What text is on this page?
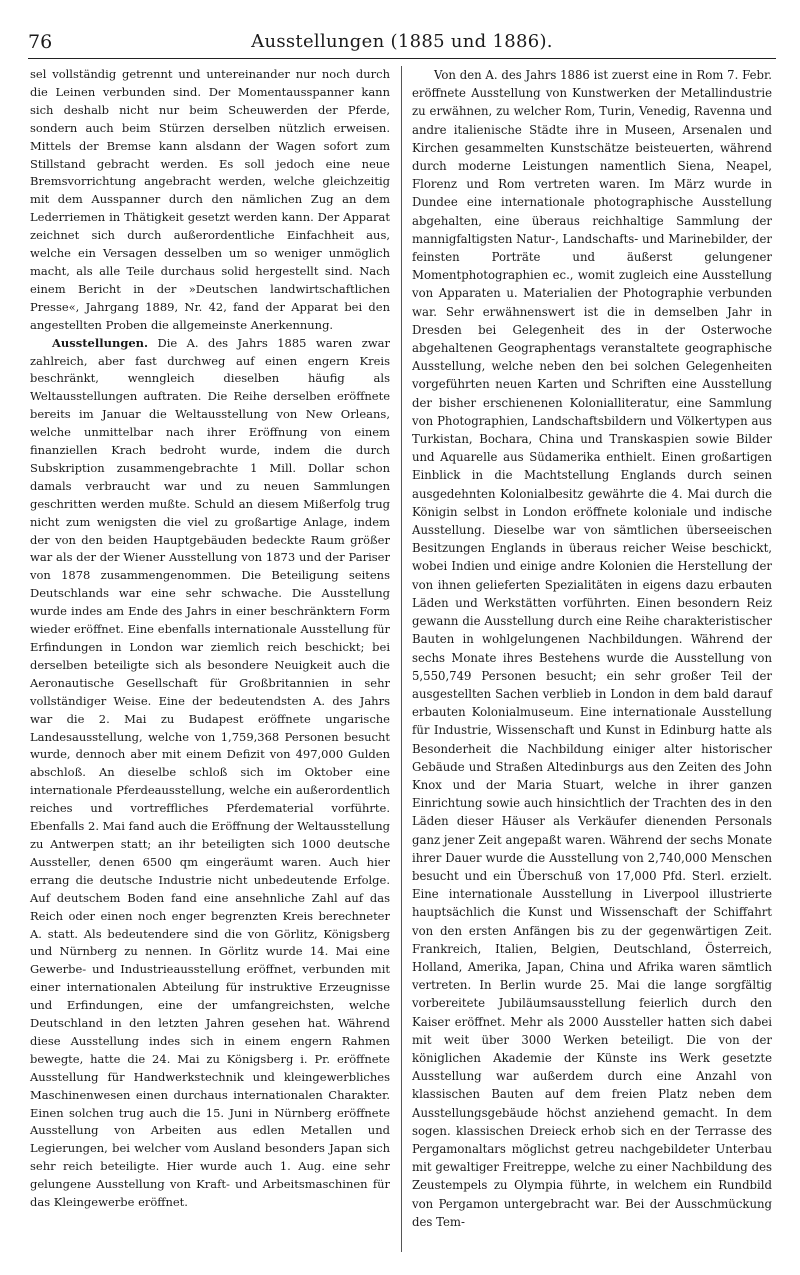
76	Ausstellungen (1885 und 1886).

sel vollständig getrennt und untereinander nur noch durch die Leinen verbunden sind. Der Momentausspanner kann sich deshalb nicht nur beim Scheuwerden der Pferde, sondern auch beim Stürzen derselben nützlich erweisen. Mittels der Bremse kann alsdann der Wagen sofort zum Stillstand gebracht werden. Es soll jedoch eine neue Bremsvorrichtung angebracht werden, welche gleichzeitig mit dem Ausspanner durch den nämlichen Zug an dem Lederriemen in Thätigkeit gesetzt werden kann. Der Apparat zeichnet sich durch außerordentliche Einfachheit aus, welche ein Versagen desselben um so weniger unmöglich macht, als alle Teile durchaus solid hergestellt sind. Nach einem Bericht in der »Deutschen landwirtschaftlichen Presse«, Jahrgang 1889, Nr. 42, fand der Apparat bei den angestellten Proben die allgemeinste Anerkennung.

Ausstellungen. Die A. des Jahrs 1885 waren zwar zahlreich, aber fast durchweg auf einen engern Kreis beschränkt, wenngleich dieselben häufig als Weltausstellungen auftraten. Die Reihe derselben eröffnete bereits im Januar die Weltausstellung von New Orleans, welche unmittelbar nach ihrer Eröffnung von einem finanziellen Krach bedroht wurde, indem die durch Subskription zusammengebrachte 1 Mill. Dollar schon damals verbraucht war und zu neuen Sammlungen geschritten werden mußte. Schuld an diesem Mißerfolg trug nicht zum wenigsten die viel zu großartige Anlage, indem der von den beiden Hauptgebäuden bedeckte Raum größer war als der der Wiener Ausstellung von 1873 und der Pariser von 1878 zusammengenommen. Die Beteiligung seitens Deutschlands war eine sehr schwache. Die Ausstellung wurde indes am Ende des Jahrs in einer beschränktern Form wieder eröffnet. Eine ebenfalls internationale Ausstellung für Erfindungen in London war ziemlich reich beschickt; bei derselben beteiligte sich als besondere Neuigkeit auch die Aeronautische Gesellschaft für Großbritannien in sehr vollständiger Weise. Eine der bedeutendsten A. des Jahrs war die 2. Mai zu Budapest eröffnete ungarische Landesausstellung, welche von 1,759,368 Personen besucht wurde, dennoch aber mit einem Defizit von 497,000 Gulden abschloß. An dieselbe schloß sich im Oktober eine internationale Pferdeausstellung, welche ein außerordentlich reiches und vortreffliches Pferdematerial vorführte. Ebenfalls 2. Mai fand auch die Eröffnung der Weltausstellung zu Antwerpen statt; an ihr beteiligten sich 1000 deutsche Aussteller, denen 6500 qm eingeräumt waren. Auch hier errang die deutsche Industrie nicht unbedeutende Erfolge. Auf deutschem Boden fand eine ansehnliche Zahl auf das Reich oder einen noch enger begrenzten Kreis berechneter A. statt. Als bedeutendere sind die von Görlitz, Königsberg und Nürnberg zu nennen. In Görlitz wurde 14. Mai eine Gewerbe- und Industrieausstellung eröffnet, verbunden mit einer internationalen Abteilung für instruktive Erzeugnisse und Erfindungen, eine der umfangreichsten, welche Deutschland in den letzten Jahren gesehen hat. Während diese Ausstellung indes sich in einem engern Rahmen bewegte, hatte die 24. Mai zu Königsberg i. Pr. eröffnete Ausstellung für Handwerkstechnik und kleingewerbliches Maschinenwesen einen durchaus internationalen Charakter. Einen solchen trug auch die 15. Juni in Nürnberg eröffnete Ausstellung von Arbeiten aus edlen Metallen und Legierungen, bei welcher vom Ausland besonders Japan sich sehr reich beteiligte. Hier wurde auch 1. Aug. eine sehr gelungene Ausstellung von Kraft- und Arbeitsmaschinen für das Kleingewerbe eröffnet.

Von den A. des Jahrs 1886 ist zuerst eine in Rom 7. Febr. eröffnete Ausstellung von Kunstwerken der Metallindustrie zu erwähnen, zu welcher Rom, Turin, Venedig, Ravenna und andre italienische Städte ihre in Museen, Arsenalen und Kirchen gesammelten Kunstschätze beisteuerten, während durch moderne Leistungen namentlich Siena, Neapel, Florenz und Rom vertreten waren. Im März wurde in Dundee eine internationale photographische Ausstellung abgehalten, eine überaus reichhaltige Sammlung der mannigfaltigsten Natur-, Landschafts- und Marinebilder, der feinsten Porträte und äußerst gelungener Momentphotographien ec., womit zugleich eine Ausstellung von Apparaten u. Materialien der Photographie verbunden war. Sehr erwähnenswert ist die in demselben Jahr in Dresden bei Gelegenheit des in der Osterwoche abgehaltenen Geographentags veranstaltete geographische Ausstellung, welche neben den bei solchen Gelegenheiten vorgeführten neuen Karten und Schriften eine Ausstellung der bisher erschienenen Kolonialliteratur, eine Sammlung von Photographien, Landschaftsbildern und Völkertypen aus Turkistan, Bochara, China und Transkaspien sowie Bilder und Aquarelle aus Südamerika enthielt. Einen großartigen Einblick in die Machtstellung Englands durch seinen ausgedehnten Kolonialbesitz gewährte die 4. Mai durch die Königin selbst in London eröffnete koloniale und indische Ausstellung. Dieselbe war von sämtlichen überseeischen Besitzungen Englands in überaus reicher Weise beschickt, wobei Indien und einige andre Kolonien die Herstellung der von ihnen gelieferten Spezialitäten in eigens dazu erbauten Läden und Werkstätten vorführten. Einen besondern Reiz gewann die Ausstellung durch eine Reihe charakteristischer Bauten in wohlgelungenen Nachbildungen. Während der sechs Monate ihres Bestehens wurde die Ausstellung von 5,550,749 Personen besucht; ein sehr großer Teil der ausgestellten Sachen verblieb in London in dem bald darauf erbauten Kolonialmuseum. Eine internationale Ausstellung für Industrie, Wissenschaft und Kunst in Edinburg hatte als Besonderheit die Nachbildung einiger alter historischer Gebäude und Straßen Altedinburgs aus den Zeiten des John Knox und der Maria Stuart, welche in ihrer ganzen Einrichtung sowie auch hinsichtlich der Trachten des in den Läden dieser Häuser als Verkäufer dienenden Personals ganz jener Zeit angepaßt waren. Während der sechs Monate ihrer Dauer wurde die Ausstellung von 2,740,000 Menschen besucht und ein Überschuß von 17,000 Pfd. Sterl. erzielt. Eine internationale Ausstellung in Liverpool illustrierte hauptsächlich die Kunst und Wissenschaft der Schiffahrt von den ersten Anfängen bis zu der gegenwärtigen Zeit. Frankreich, Italien, Belgien, Deutschland, Österreich, Holland, Amerika, Japan, China und Afrika waren sämtlich vertreten. In Berlin wurde 25. Mai die lange sorgfältig vorbereitete Jubiläumsausstellung feierlich durch den Kaiser eröffnet. Mehr als 2000 Aussteller hatten sich dabei mit weit über 3000 Werken beteiligt. Die von der königlichen Akademie der Künste ins Werk gesetzte Ausstellung war außerdem durch eine Anzahl von klassischen Bauten auf dem freien Platz neben dem Ausstellungsgebäude höchst anziehend gemacht. In dem sogen. klassischen Dreieck erhob sich en der Terrasse des Pergamonaltars möglichst getreu nachgebildeter Unterbau mit gewaltiger Freitreppe, welche zu einer Nachbildung des Zeustempels zu Olympia führte, in welchem ein Rundbild von Pergamon untergebracht war. Bei der Ausschmückung des Tem-
